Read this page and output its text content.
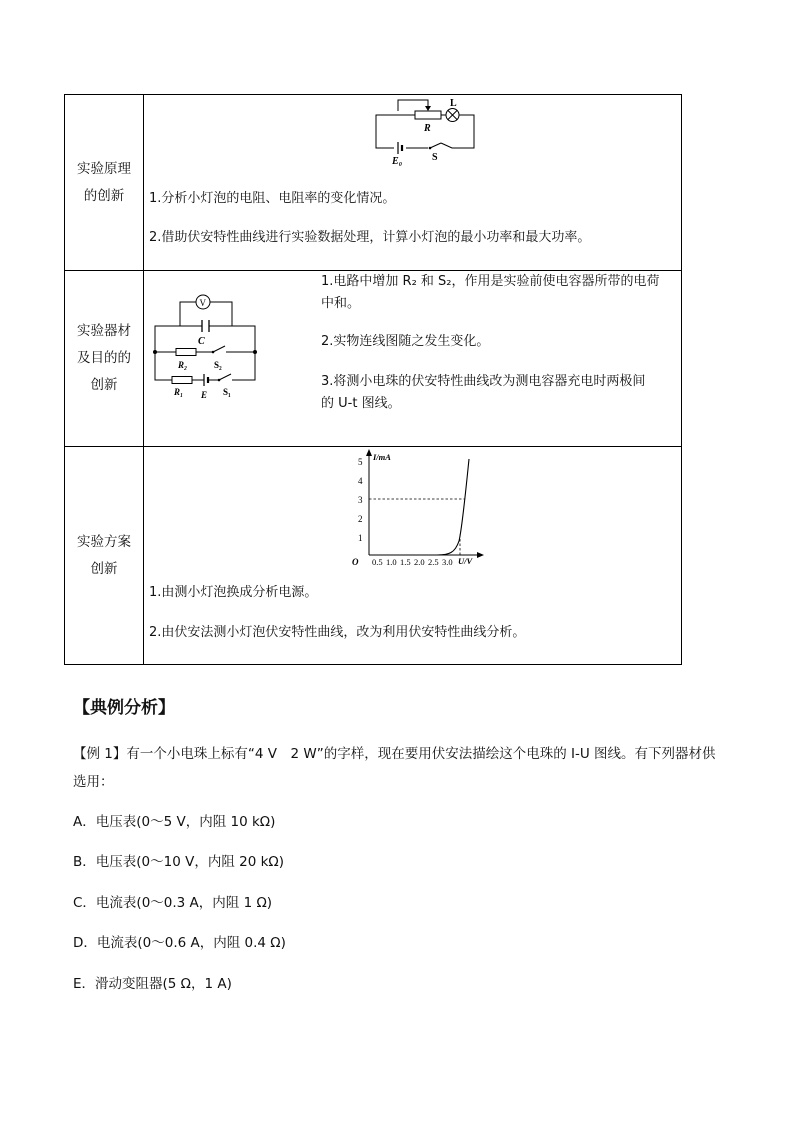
实验原理
的创新
R
L
E₀	S
1.分析小灯泡的电阻、电阻率的变化情况。
2.借助伏安特性曲线进行实验数据处理，计算小灯泡的最小功率和最大功率。
实验器材
及目的的
创新
V
C
R₂	S₂
R₁ E S₁
1.电路中增加 R₂ 和 S₂，作用是实验前使电容器所带的电荷
中和。
2.实物连线图随之发生变化。
3.将测小电珠的伏安特性曲线改为测电容器充电时两极间
的 U-t 图线。
实验方案
创新
1
2
3
4
5 I/mA
O 0.5 1.0 1.5 2.0 2.5 3.0 U/V
1.由测小灯泡换成分析电源。
2.由伏安法测小灯泡伏安特性曲线，改为利用伏安特性曲线分析。
【典例分析】
【例 1】有一个小电珠上标有“4 V　2 W”的字样，现在要用伏安法描绘这个电珠的 I-U 图线。有下列器材供
选用：
A．电压表(0～5 V，内阻 10 kΩ)
B．电压表(0～10 V，内阻 20 kΩ)
C．电流表(0～0.3 A，内阻 1 Ω)
D．电流表(0～0.6 A，内阻 0.4 Ω)
E．滑动变阻器(5 Ω，1 A)
